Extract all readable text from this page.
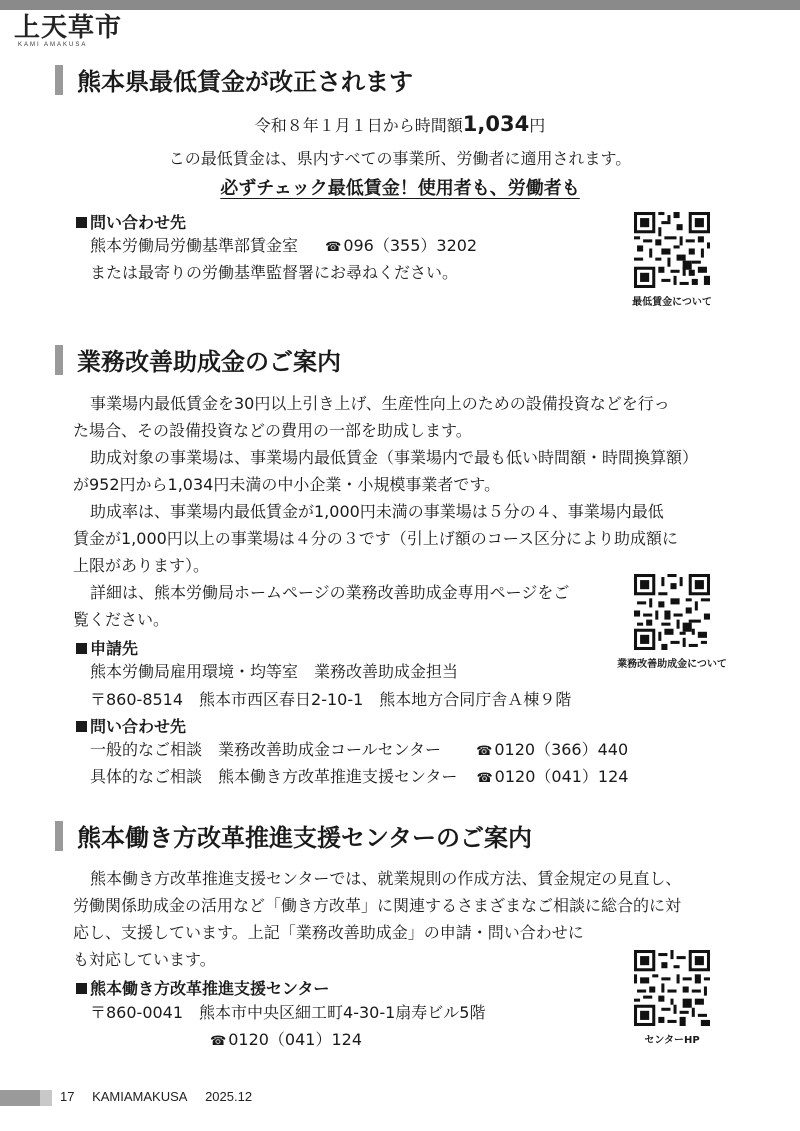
上天草市
KAMI AMAKUSA
熊本県最低賃金が改正されます
令和８年１月１日から時間額1,034円
この最低賃金は、県内すべての事業所、労働者に適用されます。
必ずチェック最低賃金！使用者も、労働者も
問い合わせ先
熊本労働局労働基準部賃金室 ☎ 096（355）3202
または最寄りの労働基準監督署にお尋ねください。
最低賃金について
業務改善助成金のご案内
事業場内最低賃金を30円以上引き上げ、生産性向上のための設備投資などを行っ
た場合、その設備投資などの費用の一部を助成します。
助成対象の事業場は、事業場内最低賃金（事業場内で最も低い時間額・時間換算額）
が952円から1,034円未満の中小企業・小規模事業者です。
助成率は、事業場内最低賃金が1,000円未満の事業場は５分の４、事業場内最低
賃金が1,000円以上の事業場は４分の３です（引上げ額のコース区分により助成額に
上限があります）。
詳細は、熊本労働局ホームページの業務改善助成金専用ページをご
覧ください。
申請先
熊本労働局雇用環境・均等室　業務改善助成金担当
〒860-8514　熊本市西区春日2-10-1　熊本地方合同庁舎Ａ棟９階
問い合わせ先
一般的なご相談　業務改善助成金コールセンター	☎ 0120（366）440
具体的なご相談　熊本働き方改革推進支援センター ☎ 0120（041）124
業務改善助成金について
熊本働き方改革推進支援センターのご案内
熊本働き方改革推進支援センターでは、就業規則の作成方法、賃金規定の見直し、
労働関係助成金の活用など「働き方改革」に関連するさまざまなご相談に総合的に対
応し、支援しています。上記「業務改善助成金」の申請・問い合わせに
も対応しています。
熊本働き方改革推進支援センター
〒860-0041　熊本市中央区細工町4-30-1扇寿ビル5階
☎ 0120（041）124	センターHP
17 KAMIAMAKUSA 2025.12
